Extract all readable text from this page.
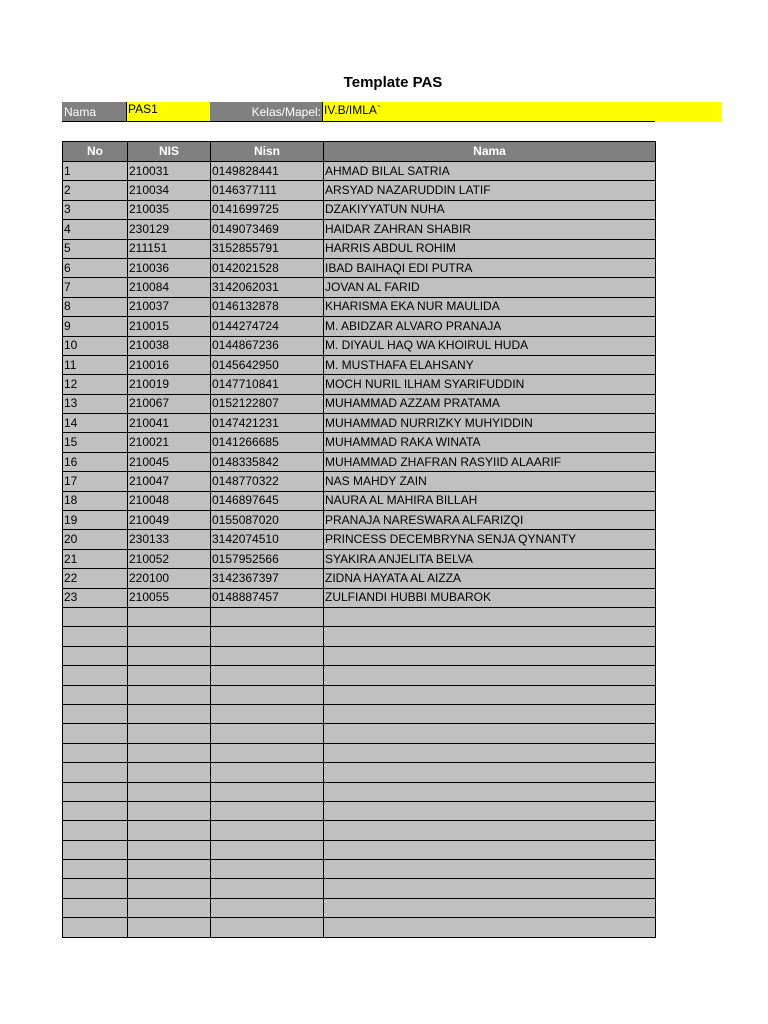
Template PAS
Nama	PAS1	Kelas/Mapel: IV.B/IMLA`
No	NIS	Nisn	Nama
1	210031	0149828441	AHMAD BILAL SATRIA
2	210034	0146377111	ARSYAD NAZARUDDIN LATIF
3	210035	0141699725	DZAKIYYATUN NUHA
4	230129	0149073469	HAIDAR ZAHRAN SHABIR
5	211151	3152855791	HARRIS ABDUL ROHIM
6	210036	0142021528	IBAD BAIHAQI EDI PUTRA
7	210084	3142062031	JOVAN AL FARID
8	210037	0146132878	KHARISMA EKA NUR MAULIDA
9	210015	0144274724	M. ABIDZAR ALVARO PRANAJA
10	210038	0144867236	M. DIYAUL HAQ WA KHOIRUL HUDA
11	210016	0145642950	M. MUSTHAFA ELAHSANY
12	210019	0147710841	MOCH NURIL ILHAM SYARIFUDDIN
13	210067	0152122807	MUHAMMAD AZZAM PRATAMA
14	210041	0147421231	MUHAMMAD NURRIZKY MUHYIDDIN
15	210021	0141266685	MUHAMMAD RAKA WINATA
16	210045	0148335842	MUHAMMAD ZHAFRAN RASYIID ALAARIF
17	210047	0148770322	NAS MAHDY ZAIN
18	210048	0146897645	NAURA AL MAHIRA BILLAH
19	210049	0155087020	PRANAJA NARESWARA ALFARIZQI
20	230133	3142074510	PRINCESS DECEMBRYNA SENJA QYNANTY
21	210052	0157952566	SYAKIRA ANJELITA BELVA
22	220100	3142367397	ZIDNA HAYATA AL AIZZA
23	210055	0148887457	ZULFIANDI HUBBI MUBAROK
